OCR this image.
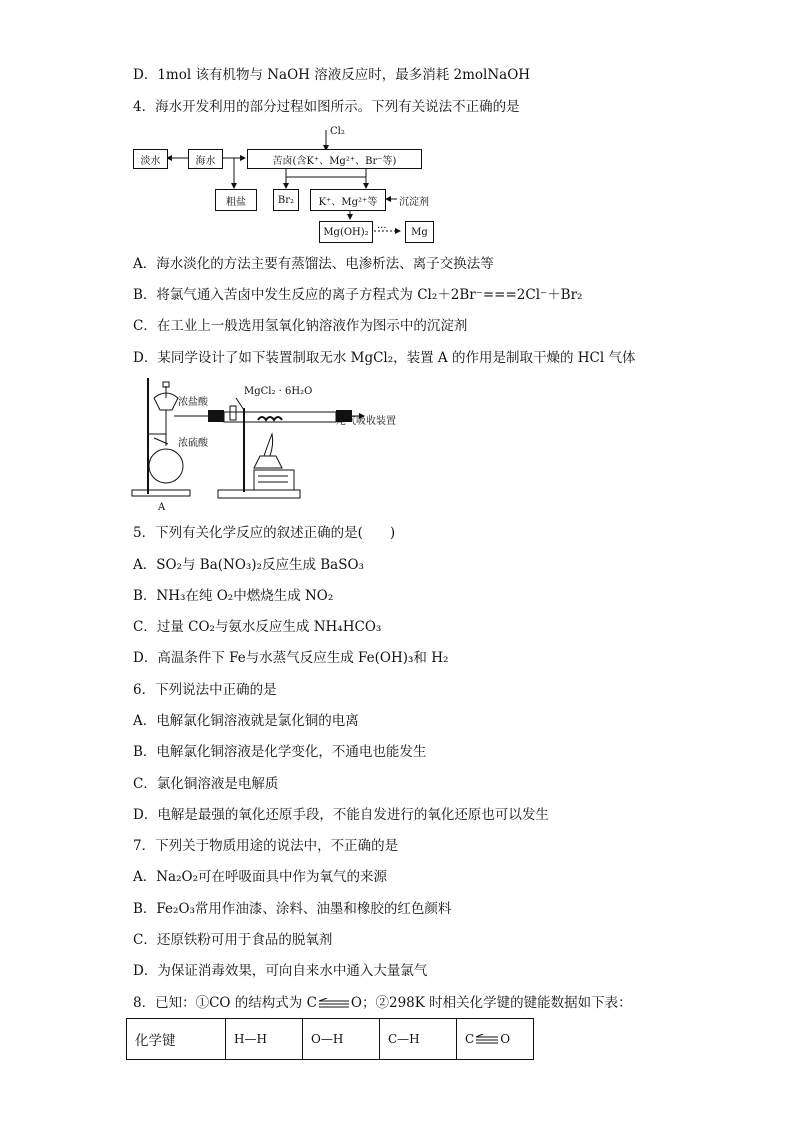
D．1mol 该有机物与 NaOH 溶液反应时，最多消耗 2molNaOH
4．海水开发利用的部分过程如图所示。下列有关说法不正确的是
Cl₂
淡水	海水	苦卤(含K⁺、Mg²⁺、Br⁻等)
粗盐	Br₂	K⁺、Mg²⁺等	沉淀剂
Mg(OH)₂ ···	Mg
A．海水淡化的方法主要有蒸馏法、电渗析法、离子交换法等
B．将氯气通入苦卤中发生反应的离子方程式为 Cl₂＋2Br⁻===2Cl⁻＋Br₂
C．在工业上一般选用氢氧化钠溶液作为图示中的沉淀剂
D．某同学设计了如下装置制取无水 MgCl₂，装置 A 的作用是制取干燥的 HCl 气体
浓盐酸
浓硫酸
MgCl₂ · 6H₂O
尾气吸收装置
A
5．下列有关化学反应的叙述正确的是(　　)
A．SO₂与 Ba(NO₃)₂反应生成 BaSO₃
B．NH₃在纯 O₂中燃烧生成 NO₂
C．过量 CO₂与氨水反应生成 NH₄HCO₃
D．高温条件下 Fe与水蒸气反应生成 Fe(OH)₃和 H₂
6．下列说法中正确的是
A．电解氯化铜溶液就是氯化铜的电离
B．电解氯化铜溶液是化学变化，不通电也能发生
C．氯化铜溶液是电解质
D．电解是最强的氧化还原手段，不能自发进行的氧化还原也可以发生
7．下列关于物质用途的说法中，不正确的是
A．Na₂O₂可在呼吸面具中作为氧气的来源
B．Fe₂O₃常用作油漆、涂料、油墨和橡胶的红色颜料
C．还原铁粉可用于食品的脱氧剂
D．为保证消毒效果，可向自来水中通入大量氯气
8．已知：①CO 的结构式为 C	O；②298K 时相关化学键的键能数据如下表：
化学键	H—H	O—H	C—H	C O
